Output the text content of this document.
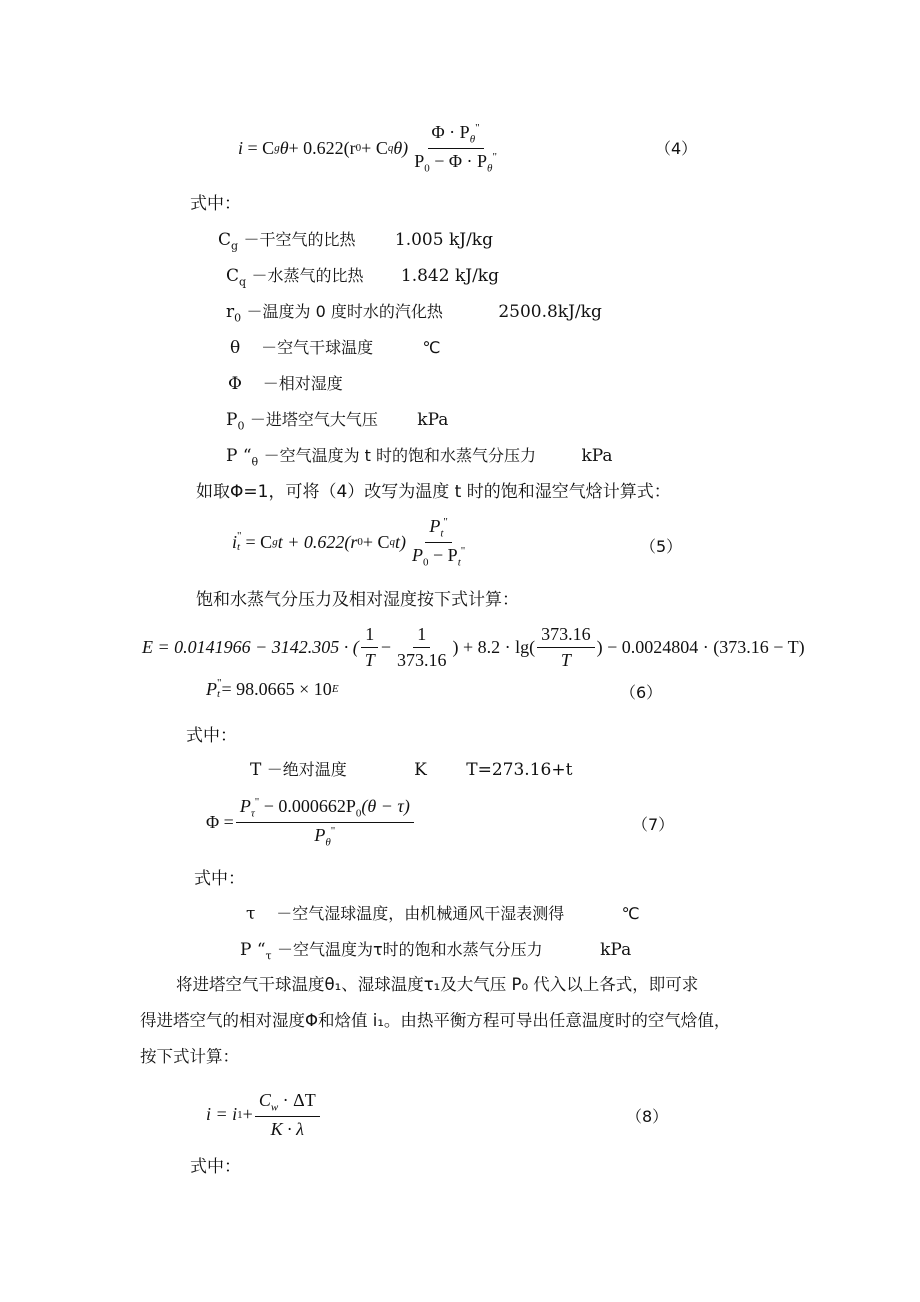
i
= C g θ + 0.622(r 0 + C q $\theta) \frac{\Phi \cdot P_\theta^"}{P_0 - \Phi \cdot P_\theta^"}$	（4）
式中：
$C_g$ －干空气的比热 1.005 kJ/kg
$C_q$ －水蒸气的比热 1.842 kJ/kg
$r_0$ －温度为 0 度时水的汽化热	2500.8kJ/kg
θ －空气干球温度	℃
Φ －相对湿度
$P_0$ －进塔空气大气压 kPa
P “$_\theta$ －空气温度为 t 时的饱和水蒸气分压力	kPa
如取Φ=1，可将（4）改写为温度 t 时的饱和湿空气焓计算式：
i "
t = C g t + 0.622(r 0 + C q $t) \frac{P_t^"}{P_0 - P_t^"}$	（5）
饱和水蒸气分压力及相对湿度按下式计算：
E = 0.0141966 − 3142.305 · ( $\frac{1}{T} - \frac{1}{373.16}$ ) + $8.2 \cdot \lg( \frac{373.16}{T}$ ) − 0.0024804 · (373.16 − T)
P "
t = 98.0665 × 10 E	（6）
式中：
T －绝对温度	K T=273.16+t
$\Phi = \frac{P_\tau^" - 0.000662P_0(\theta - \tau)}{P_\theta^"}$	（7）
式中：
τ －空气湿球温度，由机械通风干湿表测得	℃
P “$_\tau$ －空气温度为τ时的饱和水蒸气分压力	kPa
将进塔空气干球温度θ₁、湿球温度τ₁及大气压 P₀ 代入以上各式，即可求
得进塔空气的相对湿度Φ和焓值 i₁。由热平衡方程可导出任意温度时的空气焓值，
按下式计算：
i = i $1 + \frac{C_w \cdot \Delta T}{K \cdot \lambda}$	（8）
式中：
